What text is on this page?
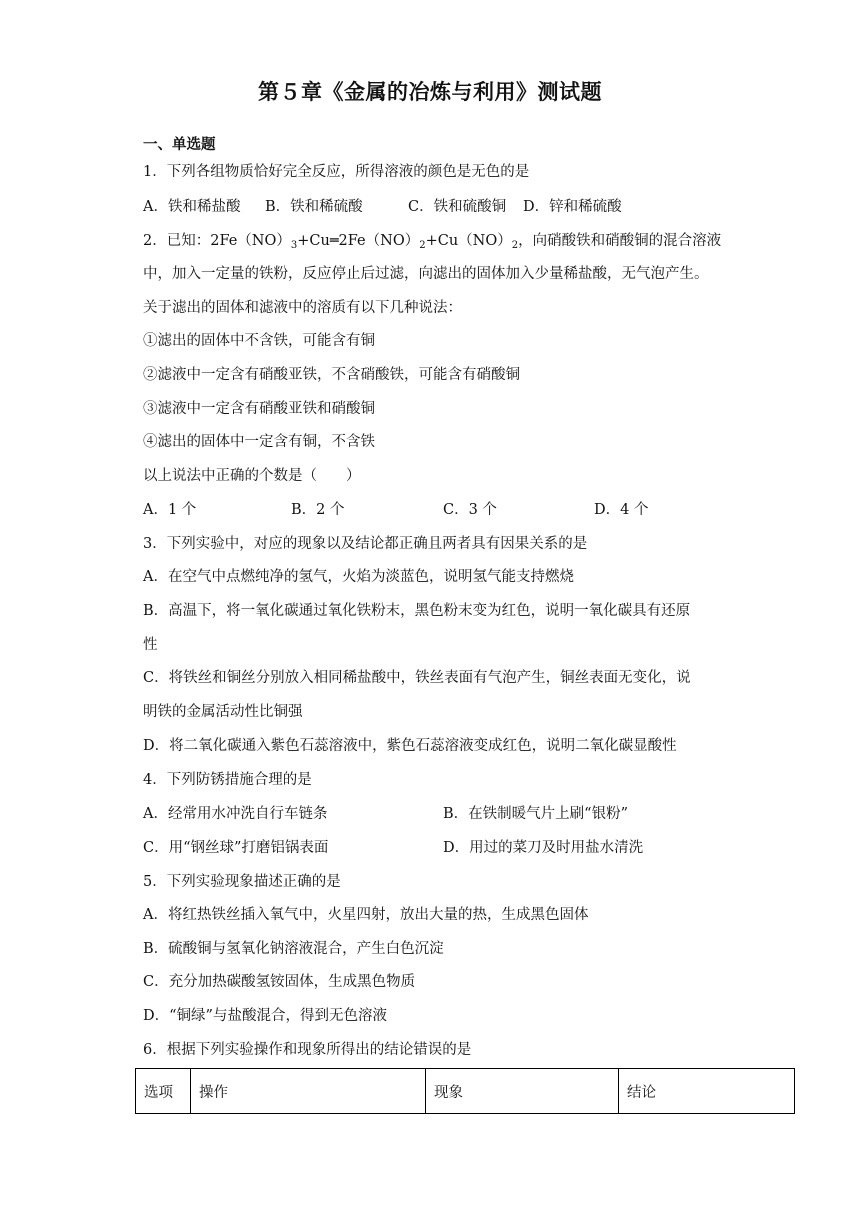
第５章《金属的冶炼与利用》测试题
一、单选题
1．下列各组物质恰好完全反应，所得溶液的颜色是无色的是
A．铁和稀盐酸 B．铁和稀硫酸	C．铁和硫酸铜 D．锌和稀硫酸
2．已知：$2Fe(NO)_3+Cu═2Fe(NO)_2+Cu(NO)_2$，向硝酸铁和硝酸铜的混合溶液
中，加入一定量的铁粉，反应停止后过滤，向滤出的固体加入少量稀盐酸，无气泡产生。
关于滤出的固体和滤液中的溶质有以下几种说法：
①滤出的固体中不含铁，可能含有铜
②滤液中一定含有硝酸亚铁，不含硝酸铁，可能含有硝酸铜
③滤液中一定含有硝酸亚铁和硝酸铜
④滤出的固体中一定含有铜，不含铁
以上说法中正确的个数是（　　）
A．1 个	B．2 个	C．3 个	D．4 个
3．下列实验中，对应的现象以及结论都正确且两者具有因果关系的是
A．在空气中点燃纯净的氢气，火焰为淡蓝色，说明氢气能支持燃烧
B．高温下，将一氧化碳通过氧化铁粉末，黑色粉末变为红色，说明一氧化碳具有还原
性
C．将铁丝和铜丝分别放入相同稀盐酸中，铁丝表面有气泡产生，铜丝表面无变化，说
明铁的金属活动性比铜强
D．将二氧化碳通入紫色石蕊溶液中，紫色石蕊溶液变成红色，说明二氧化碳显酸性
4．下列防锈措施合理的是
A．经常用水冲洗自行车链条	B．在铁制暖气片上刷“银粉”
C．用“钢丝球”打磨铝锅表面	D．用过的菜刀及时用盐水清洗
5．下列实验现象描述正确的是
A．将红热铁丝插入氧气中，火星四射，放出大量的热，生成黑色固体
B．硫酸铜与氢氧化钠溶液混合，产生白色沉淀
C．充分加热碳酸氢铵固体，生成黑色物质
D．“铜绿”与盐酸混合，得到无色溶液
6．根据下列实验操作和现象所得出的结论错误的是
选项	操作	现象	结论
